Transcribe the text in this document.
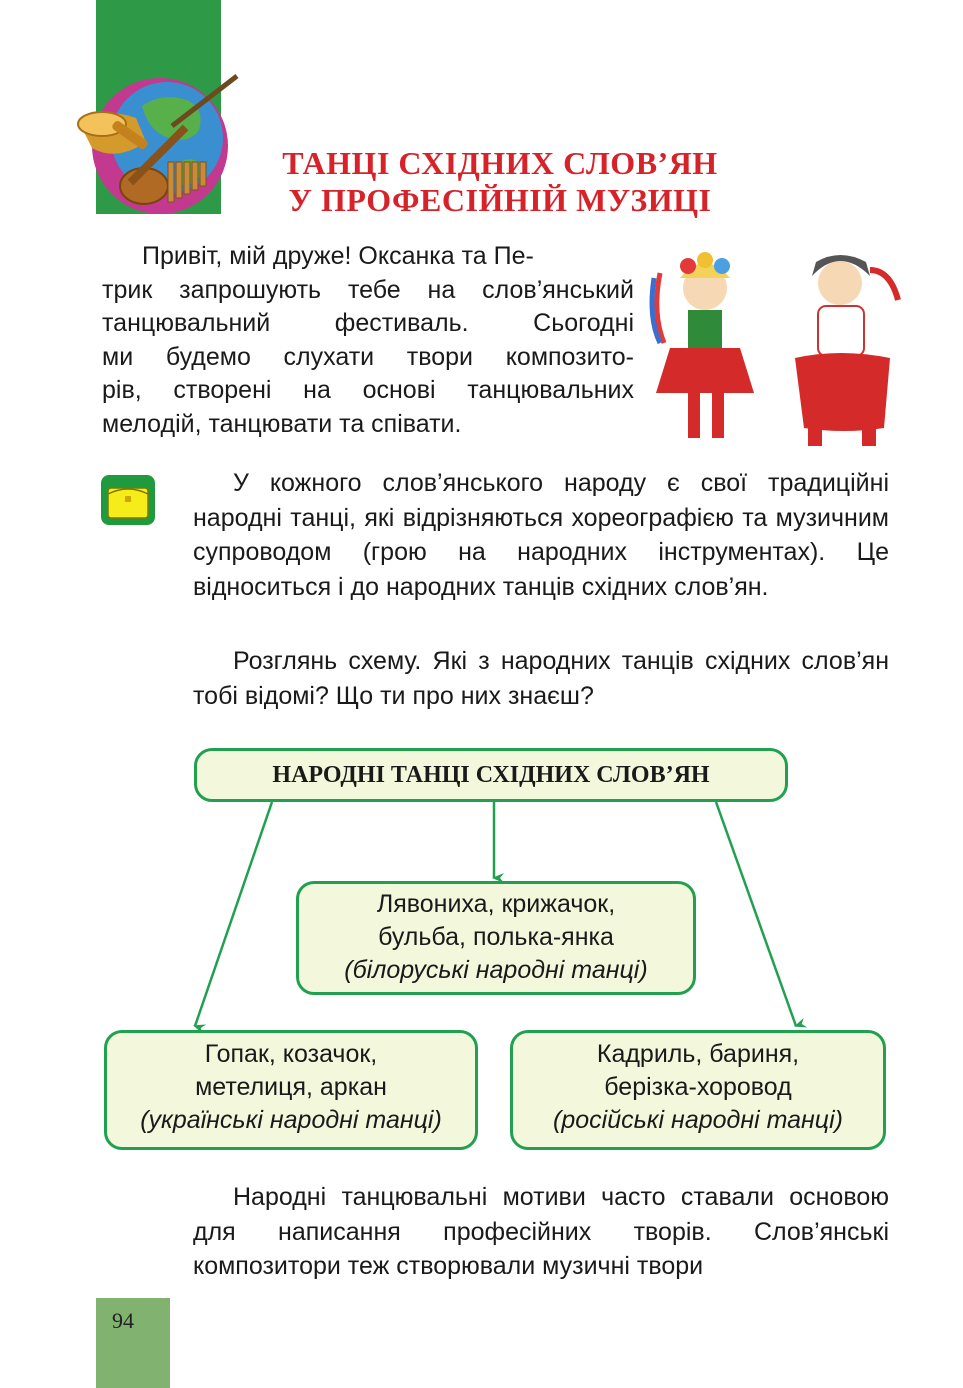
ТАНЦІ СХІДНИХ СЛОВ’ЯН
У ПРОФЕСІЙНІЙ МУЗИЦІ
Привіт, мій друже! Оксанка та Пе-
трик запрошують тебе на слов’янський
танцювальний фестиваль. Сьогодні
ми будемо слухати твори композито-
рів, створені на основі танцювальних
мелодій, танцювати та співати.

У кожного слов’янського народу є свої традиційні народні танці, які відрізняються хореографією та музичним супроводом (грою на народних інструментах). Це відноситься і до народних танців східних слов’ян.

Розглянь схему. Які з народних танців східних слов’ян тобі відомі? Що ти про них знаєш?

НАРОДНІ ТАНЦІ СХІДНИХ СЛОВ’ЯН
Лявониха, крижачок,
бульба, полька-янка
(білоруські народні танці)
Гопак, козачок,
метелиця, аркан
(українські народні танці)
Кадриль, бариня,
берізка-хоровод
(російські народні танці)

Народні танцювальні мотиви часто ставали основою для написання професійних творів. Слов’янські композитори теж створювали музичні твори

94
